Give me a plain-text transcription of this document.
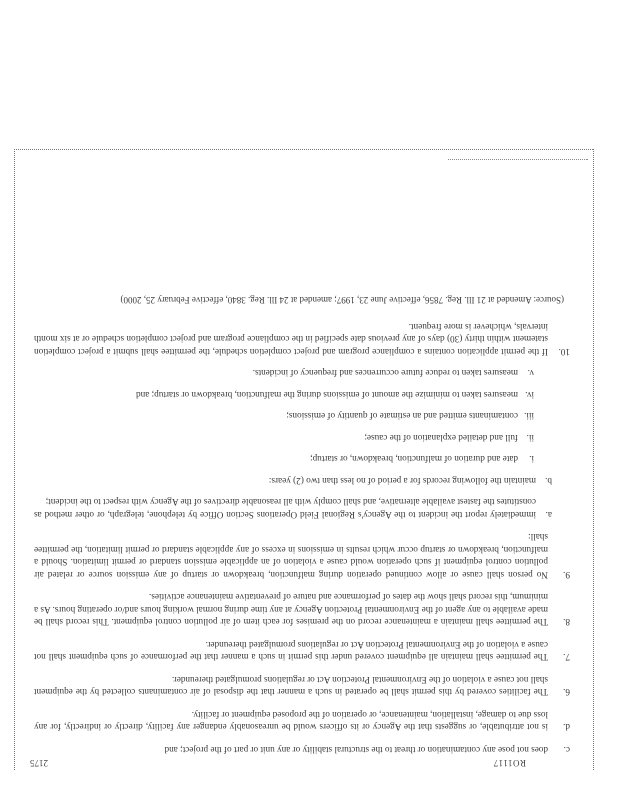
RO1117
2175
c.
does not pose any contamination or threat to the structural stability or any unit or part of the project; and
d.
is not attributable, or suggests that the Agency or its officers would be unreasonably endanger any facility, directly or indirectly, for any loss due to damage, installation, maintenance, or operation of the proposed equipment or facility.
6.
The facilities covered by this permit shall be operated in such a manner that the disposal of air contaminants collected by the equipment shall not cause a violation of the Environmental Protection Act or regulations promulgated thereunder.
7.
The permittee shall maintain all equipment covered under this permit in such a manner that the performance of such equipment shall not cause a violation of the Environmental Protection Act or regulations promulgated thereunder.
8.
The permittee shall maintain a maintenance record on the premises for each item of air pollution control equipment. This record shall be made available to any agent of the Environmental Protection Agency at any time during normal working hours and/or operating hours. As a minimum, this record shall show the dates of performance and nature of preventative maintenance activities.
9.
No person shall cause or allow continued operation during malfunction, breakdown or startup of any emission source or related air pollution control equipment if such operation would cause a violation of an applicable emission standard or permit limitation. Should a malfunction, breakdown or startup occur which results in emissions in excess of any applicable standard or permit limitation, the permittee shall:
a.
immediately report the incident to the Agency's Regional Field Operations Section Office by telephone, telegraph, or other method as constitutes the fastest available alternative, and shall comply with all reasonable directives of the Agency with respect to the incident;
b.
maintain the following records for a period of no less than two (2) years:
i.
date and duration of malfunction, breakdown, or startup;
ii.
full and detailed explanation of the cause;
iii.
contaminants emitted and an estimate of quantity of emissions;
iv.
measures taken to minimize the amount of emissions during the malfunction, breakdown or startup; and
v.
measures taken to reduce future occurrences and frequency of incidents.
10.
If the permit application contains a compliance program and project completion schedule, the permittee shall submit a project completion statement within thirty (30) days of any previous date specified in the compliance program and project completion schedule or at six month intervals, whichever is more frequent.
(Source: Amended at 21 Ill. Reg. 7856, effective June 23, 1997; amended at 24 Ill. Reg. 3840, effective February 25, 2000)
